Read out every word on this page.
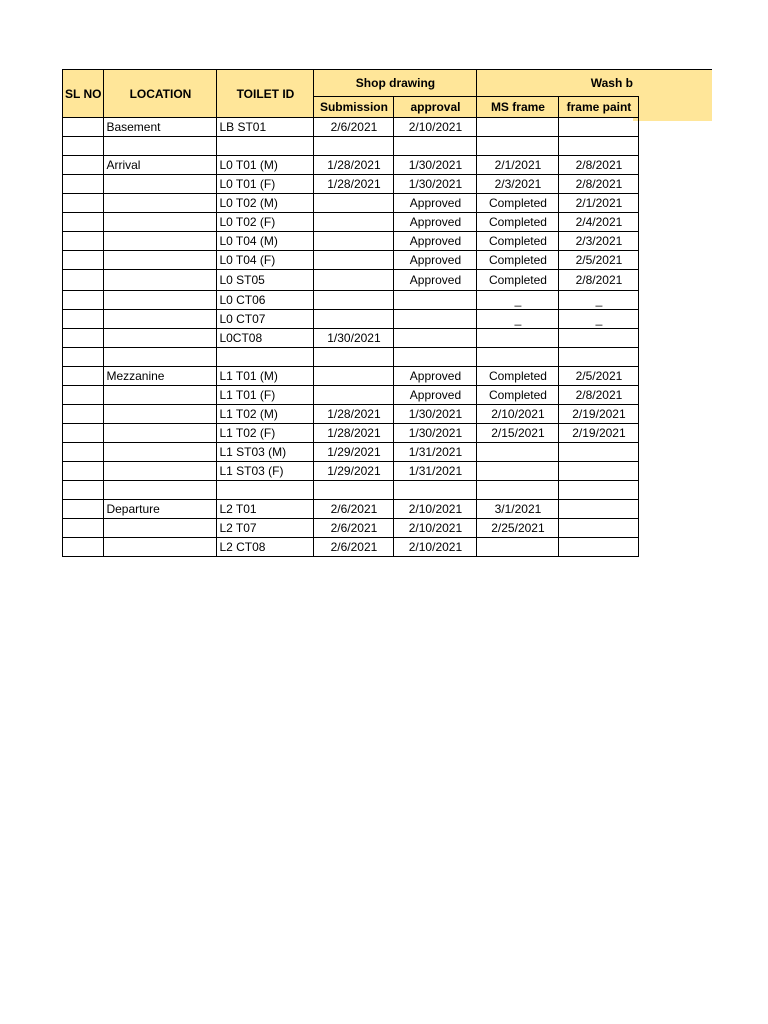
SL NO	LOCATION	TOILET ID	Shop drawing		Wash b	
			Submission	approval	MS frame	frame paint
	Basement	LB ST01	2/6/2021	2/10/2021		

	Arrival	L0 T01 (M)	1/28/2021	1/30/2021	2/1/2021	2/8/2021
		L0 T01 (F)	1/28/2021	1/30/2021	2/3/2021	2/8/2021
		L0 T02 (M)		Approved	Completed	2/1/2021
		L0 T02 (F)		Approved	Completed	2/4/2021
		L0 T04 (M)		Approved	Completed	2/3/2021
		L0 T04 (F)		Approved	Completed	2/5/2021
		L0 ST05		Approved	Completed	2/8/2021
		L0 CT06			_	_
		L0 CT07			_	_
		L0CT08	1/30/2021			

	Mezzanine	L1 T01 (M)		Approved	Completed	2/5/2021
		L1 T01 (F)		Approved	Completed	2/8/2021
		L1 T02 (M)	1/28/2021	1/30/2021	2/10/2021	2/19/2021
		L1 T02 (F)	1/28/2021	1/30/2021	2/15/2021	2/19/2021
		L1 ST03 (M)	1/29/2021	1/31/2021		
		L1 ST03 (F)	1/29/2021	1/31/2021		

	Departure	L2 T01	2/6/2021	2/10/2021	3/1/2021	
		L2 T07	2/6/2021	2/10/2021	2/25/2021	
		L2 CT08	2/6/2021	2/10/2021		
